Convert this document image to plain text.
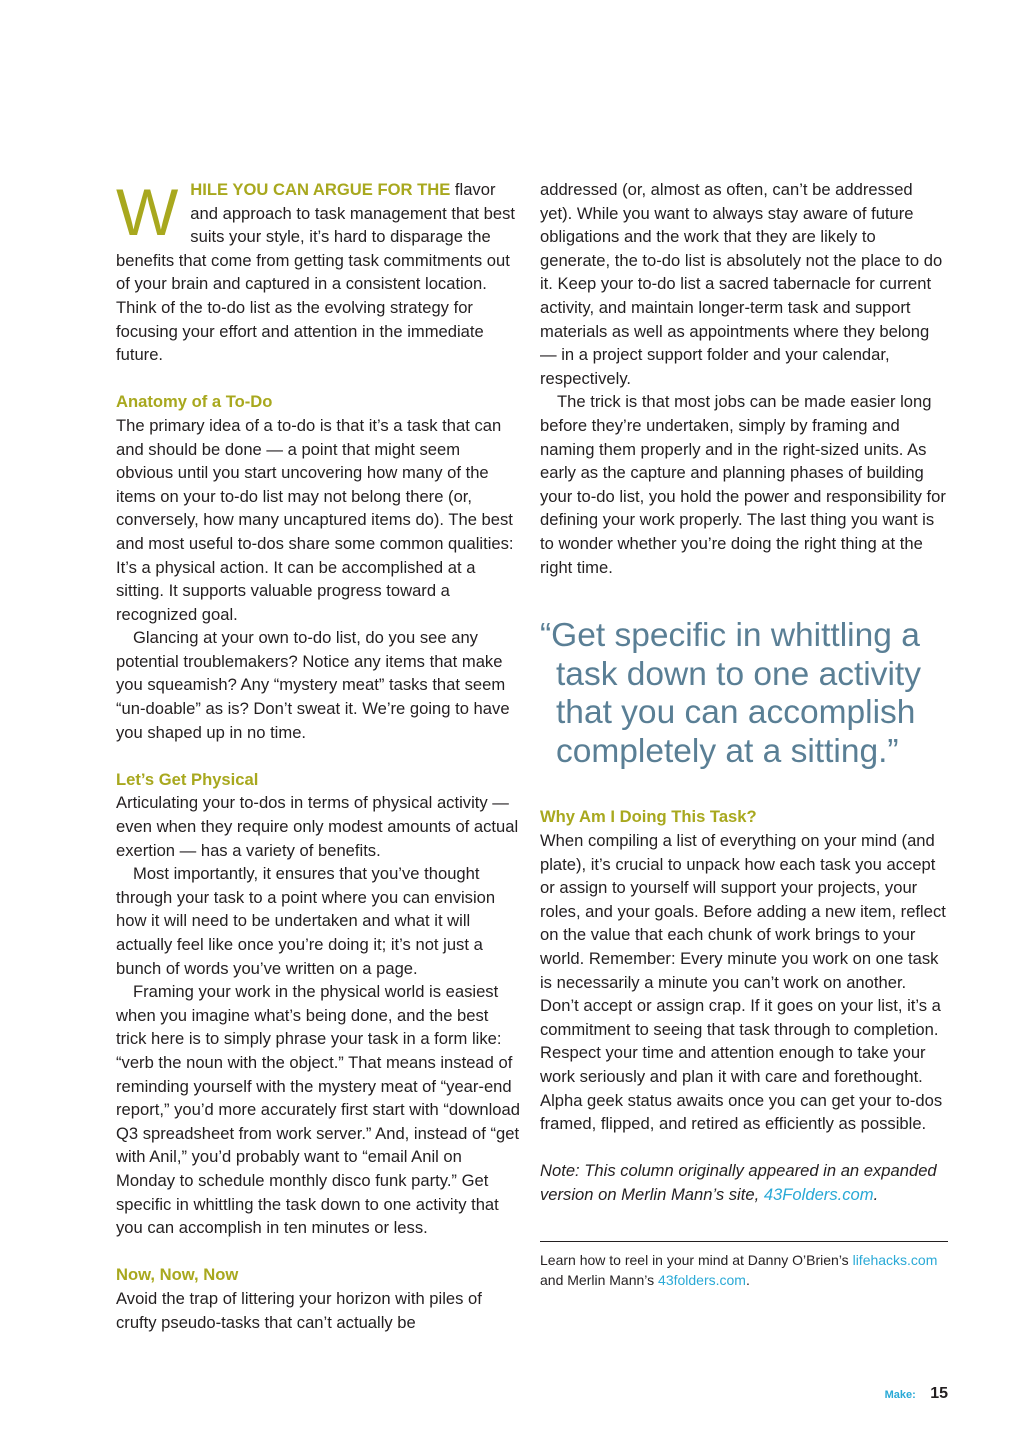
W HILE YOU CAN ARGUE FOR THE flavor and approach to task management that best suits your style, it’s hard to disparage the benefits that come from getting task commitments out of your brain and captured in a consistent location. Think of the to-do list as the evolving strategy for focusing your effort and attention in the immediate future.

Anatomy of a To-Do

The primary idea of a to-do is that it’s a task that can and should be done — a point that might seem obvious until you start uncovering how many of the items on your to-do list may not belong there (or, conversely, how many uncaptured items do). The best and most useful to-dos share some common qualities: It’s a physical action. It can be accomplished at a sitting. It supports valuable progress toward a recognized goal.

Glancing at your own to-do list, do you see any potential troublemakers? Notice any items that make you squeamish? Any “mystery meat” tasks that seem “un-doable” as is? Don’t sweat it. We’re going to have you shaped up in no time.

Let’s Get Physical

Articulating your to-dos in terms of physical activity — even when they require only modest amounts of actual exertion — has a variety of benefits.

Most importantly, it ensures that you’ve thought through your task to a point where you can envision how it will need to be undertaken and what it will actually feel like once you’re doing it; it’s not just a bunch of words you’ve written on a page.

Framing your work in the physical world is easiest when you imagine what’s being done, and the best trick here is to simply phrase your task in a form like: “verb the noun with the object.” That means instead of reminding yourself with the mystery meat of “year-end report,” you’d more accurately first start with “download Q3 spreadsheet from work server.” And, instead of “get with Anil,” you’d probably want to “email Anil on Monday to schedule monthly disco funk party.” Get specific in whittling the task down to one activity that you can accomplish in ten minutes or less.

Now, Now, Now

Avoid the trap of littering your horizon with piles of crufty pseudo-tasks that can’t actually be

addressed (or, almost as often, can’t be addressed yet). While you want to always stay aware of future obligations and the work that they are likely to generate, the to-do list is absolutely not the place to do it. Keep your to-do list a sacred tabernacle for current activity, and maintain longer-term task and support materials as well as appointments where they belong — in a project support folder and your calendar, respectively.

The trick is that most jobs can be made easier long before they’re undertaken, simply by framing and naming them properly and in the right-sized units. As early as the capture and planning phases of building your to-do list, you hold the power and responsibility for defining your work properly. The last thing you want is to wonder whether you’re doing the right thing at the right time.

“Get specific in whittling a task down to one activity that you can accomplish completely at a sitting.”

Why Am I Doing This Task?

When compiling a list of everything on your mind (and plate), it’s crucial to unpack how each task you accept or assign to yourself will support your projects, your roles, and your goals. Before adding a new item, reflect on the value that each chunk of work brings to your world. Remember: Every minute you work on one task is necessarily a minute you can’t work on another. Don’t accept or assign crap. If it goes on your list, it’s a commitment to seeing that task through to completion. Respect your time and attention enough to take your work seriously and plan it with care and forethought. Alpha geek status awaits once you can get your to-dos framed, flipped, and retired as efficiently as possible.

Note: This column originally appeared in an expanded version on Merlin Mann’s site, 43Folders.com.

Learn how to reel in your mind at Danny O’Brien’s lifehacks.com and Merlin Mann’s 43folders.com.
Make: 15
